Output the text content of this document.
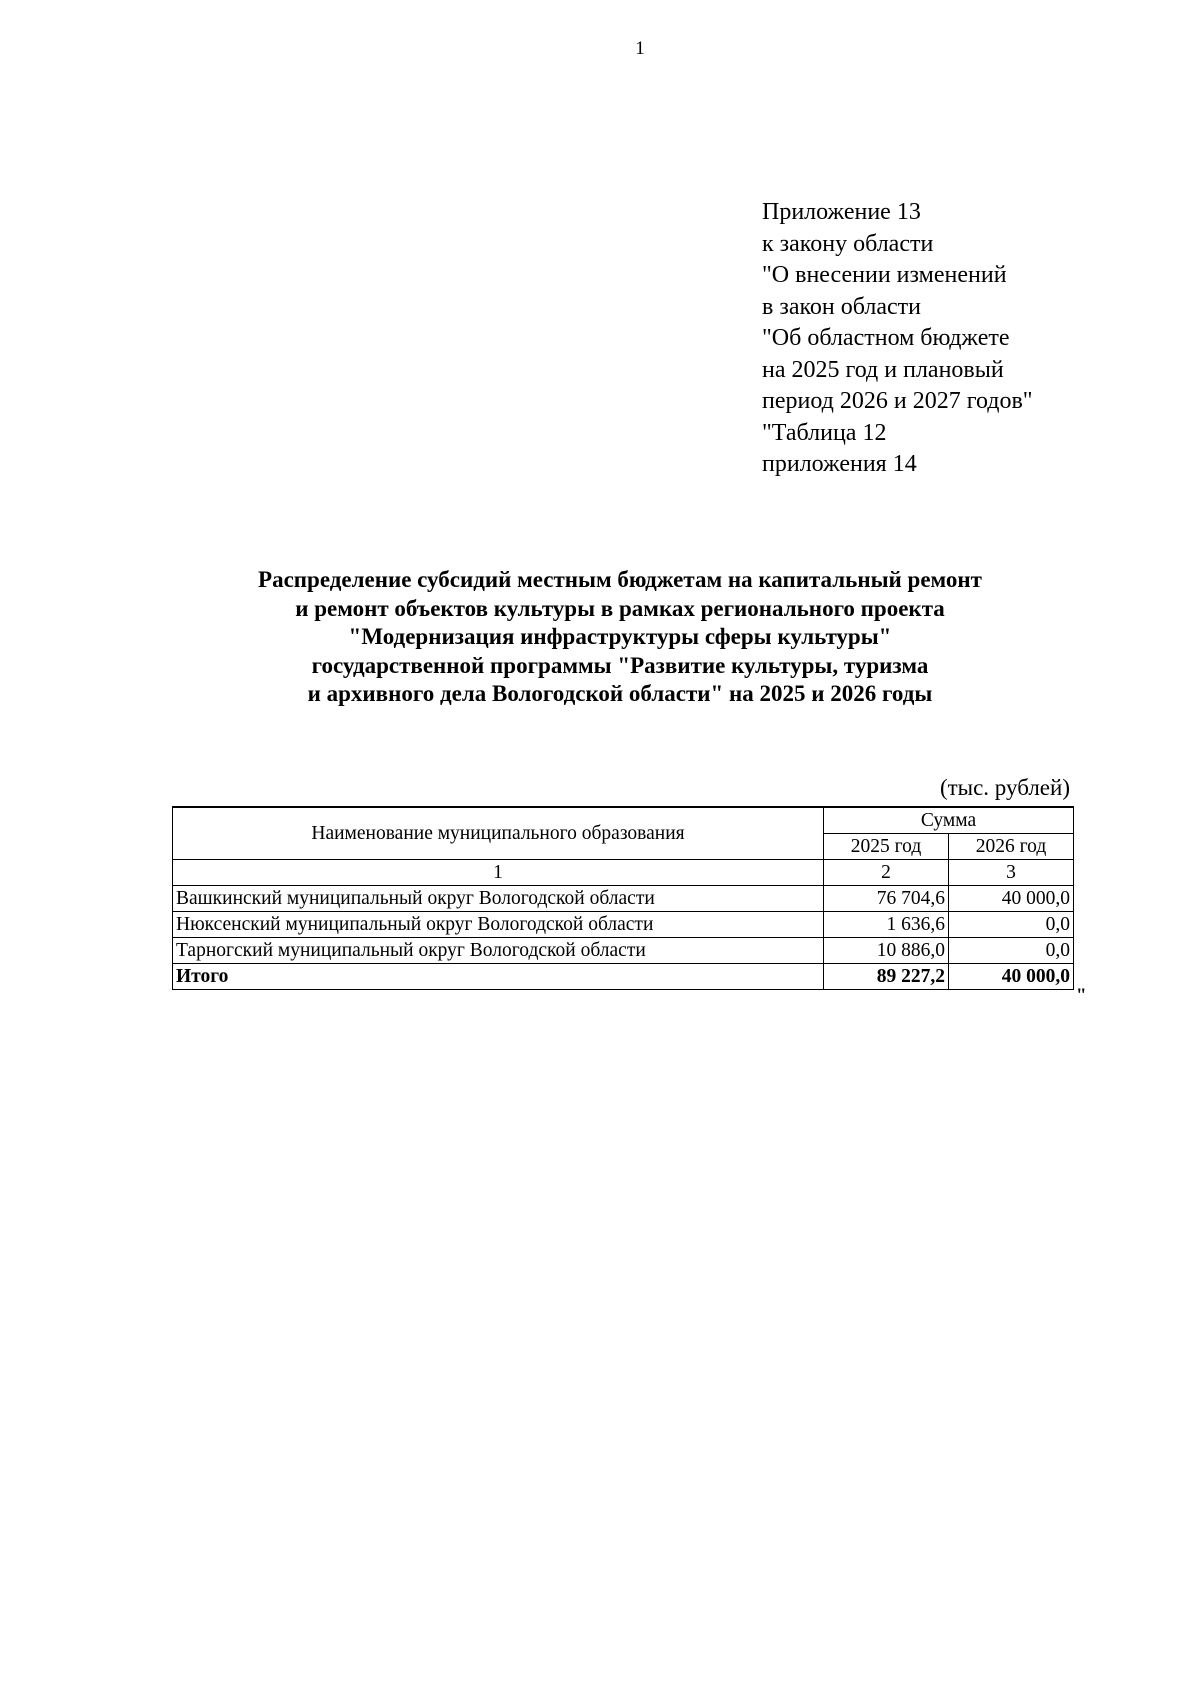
1
Приложение 13
к закону области
"О внесении изменений
в закон области
"Об областном бюджете
на 2025 год и плановый
период 2026 и 2027 годов"
"Таблица 12
приложения 14
Распределение субсидий местным бюджетам на капитальный ремонт
и ремонт объектов культуры в рамках регионального проекта
"Модернизация инфраструктуры сферы культуры"
государственной программы "Развитие культуры, туризма
и архивного дела Вологодской области" на 2025 и 2026 годы
(тыс. рублей)
Наименование муниципального образования	Сумма	
	2025 год	2026 год
1	2	3
Вашкинский муниципальный округ Вологодской области	76 704,6	40 000,0
Нюксенский муниципальный округ Вологодской области	1 636,6	0,0
Тарногский муниципальный округ Вологодской области	10 886,0	0,0
Итого	89 227,2	40 000,0
"
